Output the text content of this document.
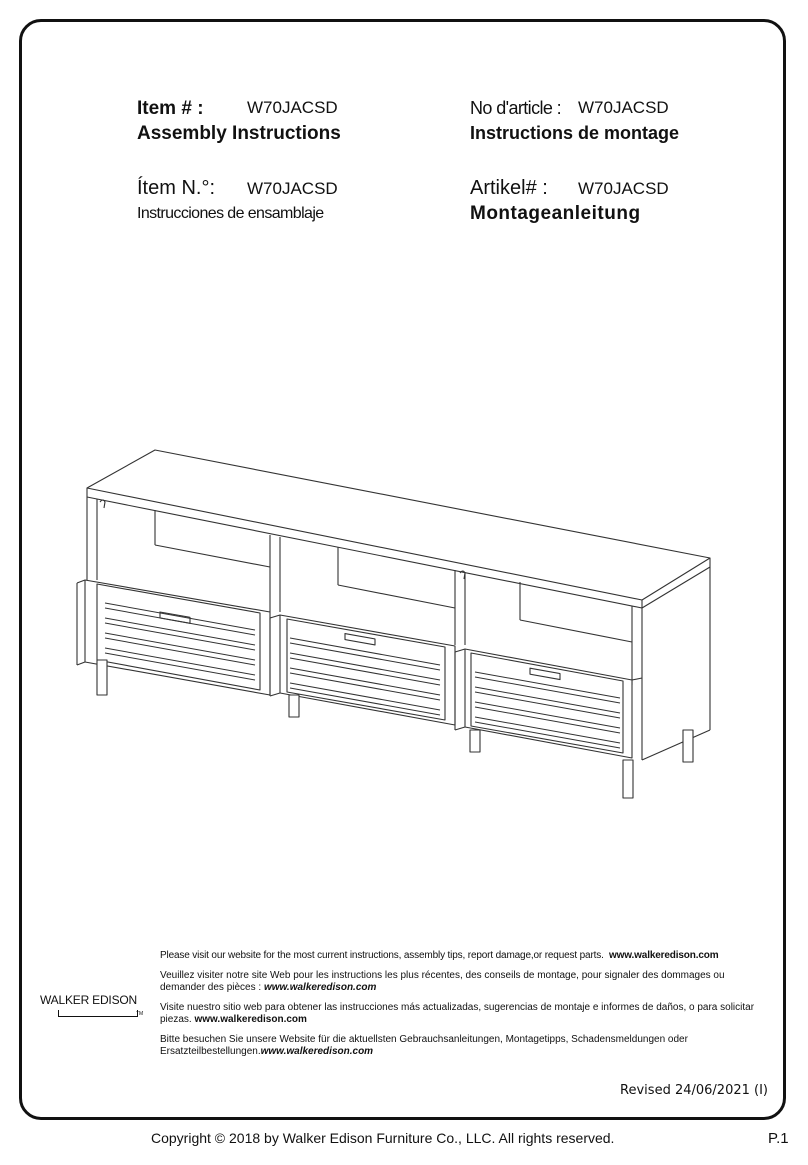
Item # :	W70JACSD
Assembly Instructions
No d'article : W70JACSD
Instructions de montage
Ítem N.°: W70JACSD
Instrucciones de ensamblaje
Artikel# : W70JACSD
Montageanleitung

Please visit our website for the most current instructions, assembly tips, report damage,or request parts. www.walkeredison.com

Veuillez visiter notre site Web pour les instructions les plus récentes, des conseils de montage, pour signaler des dommages ou demander des pièces : www.walkeredison.com

Visite nuestro sitio web para obtener las instrucciones más actualizadas, sugerencias de montaje e informes de daños, o para solicitar piezas. www.walkeredison.com

Bitte besuchen Sie unsere Website für die aktuellsten Gebrauchsanleitungen, Montagetipps, Schadensmeldungen oder Ersatzteilbestellungen.www.walkeredison.com

WALKER EDISON
TM
Revised 24/06/2021 (I)
Copyright © 2018 by Walker Edison Furniture Co., LLC. All rights reserved.	P.1
